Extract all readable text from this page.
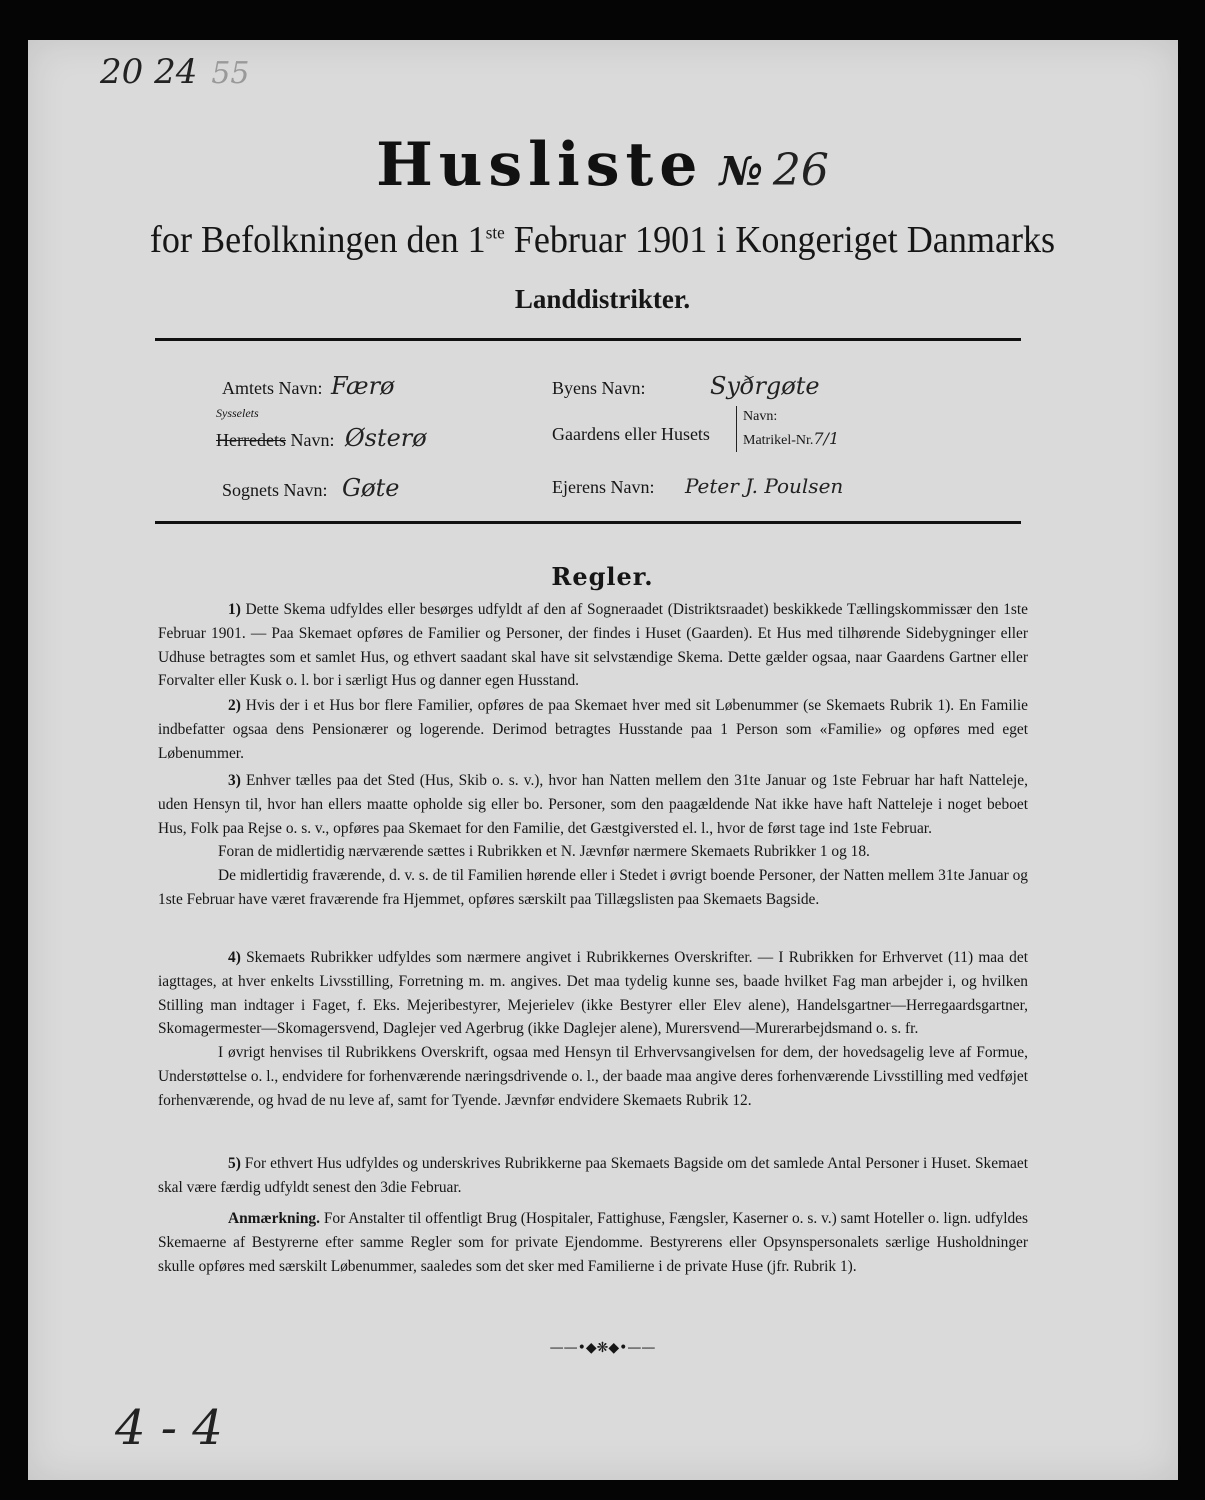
20 24 55
Husliste № 26
for Befolkningen den 1ste Februar 1901 i Kongeriget Danmarks
Landdistrikter.
Amtets Navn: Færø
Sysselets
Herredets Navn: Østerø
Sognets Navn: Gøte
Byens Navn:	Syðrgøte
Gaardens eller Husets
Navn:
Matrikel-Nr.7/1
Ejerens Navn: Peter J. Poulsen
Regler.
1) Dette Skema udfyldes eller besørges udfyldt af den af Sogneraadet (Distriktsraadet) beskikkede Tællingskommissær den 1ste Februar 1901. — Paa Skemaet opføres de Familier og Personer, der findes i Huset (Gaarden). Et Hus med tilhørende Sidebygninger eller Udhuse betragtes som et samlet Hus, og ethvert saadant skal have sit selvstændige Skema. Dette gælder ogsaa, naar Gaardens Gartner eller Forvalter eller Kusk o. l. bor i særligt Hus og danner egen Husstand.
2) Hvis der i et Hus bor flere Familier, opføres de paa Skemaet hver med sit Løbenummer (se Skemaets Rubrik 1). En Familie indbefatter ogsaa dens Pensionærer og logerende. Derimod betragtes Husstande paa 1 Person som «Familie» og opføres med eget Løbenummer.
3) Enhver tælles paa det Sted (Hus, Skib o. s. v.), hvor han Natten mellem den 31te Januar og 1ste Februar har haft Natteleje, uden Hensyn til, hvor han ellers maatte opholde sig eller bo. Personer, som den paagældende Nat ikke have haft Natteleje i noget beboet Hus, Folk paa Rejse o. s. v., opføres paa Skemaet for den Familie, det Gæstgiversted el. l., hvor de først tage ind 1ste Februar.
Foran de midlertidig nærværende sættes i Rubrikken et N. Jævnfør nærmere Skemaets Rubrikker 1 og 18.
De midlertidig fraværende, d. v. s. de til Familien hørende eller i Stedet i øvrigt boende Personer, der Natten mellem 31te Januar og 1ste Februar have været fraværende fra Hjemmet, opføres særskilt paa Tillægslisten paa Skemaets Bagside.
4) Skemaets Rubrikker udfyldes som nærmere angivet i Rubrikkernes Overskrifter. — I Rubrikken for Erhvervet (11) maa det iagttages, at hver enkelts Livsstilling, Forretning m. m. angives. Det maa tydelig kunne ses, baade hvilket Fag man arbejder i, og hvilken Stilling man indtager i Faget, f. Eks. Mejeribestyrer, Mejerielev (ikke Bestyrer eller Elev alene), Handelsgartner—Herregaardsgartner, Skomagermester—Skomagersvend, Daglejer ved Agerbrug (ikke Daglejer alene), Murersvend—Murerarbejdsmand o. s. fr.
I øvrigt henvises til Rubrikkens Overskrift, ogsaa med Hensyn til Erhvervsangivelsen for dem, der hovedsagelig leve af Formue, Understøttelse o. l., endvidere for forhenværende næringsdrivende o. l., der baade maa angive deres forhenværende Livsstilling med vedføjet forhenværende, og hvad de nu leve af, samt for Tyende. Jævnfør endvidere Skemaets Rubrik 12.
5) For ethvert Hus udfyldes og underskrives Rubrikkerne paa Skemaets Bagside om det samlede Antal Personer i Huset. Skemaet skal være færdig udfyldt senest den 3die Februar.
Anmærkning. For Anstalter til offentligt Brug (Hospitaler, Fattighuse, Fængsler, Kaserner o. s. v.) samt Hoteller o. lign. udfyldes Skemaerne af Bestyrerne efter samme Regler som for private Ejendomme. Bestyrerens eller Opsynspersonalets særlige Husholdninger skulle opføres med særskilt Løbenummer, saaledes som det sker med Familierne i de private Huse (jfr. Rubrik 1).
——•◆❋◆•——
4 - 4
